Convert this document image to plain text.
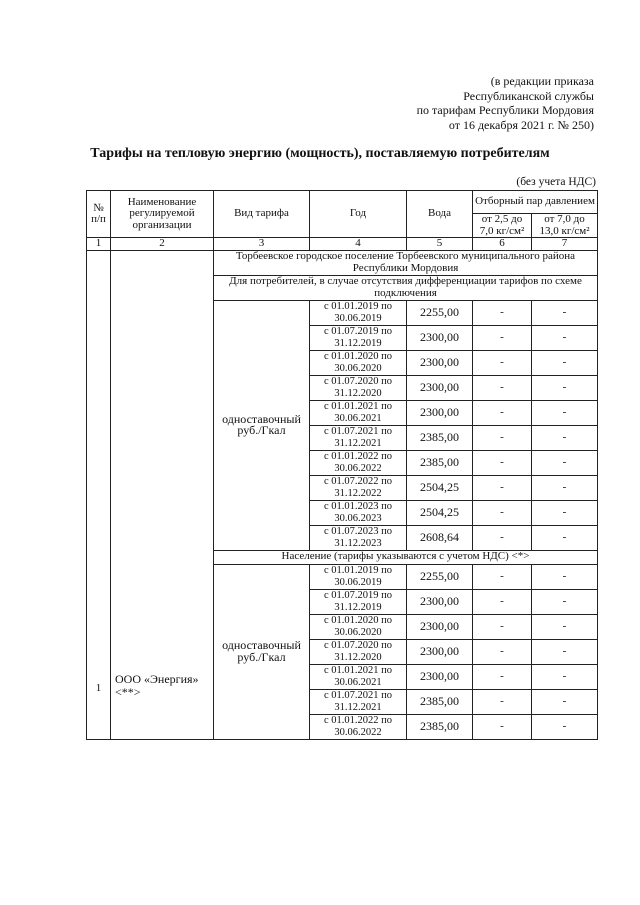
(в редакции приказа
Республиканской службы
по тарифам Республики Мордовия
от 16 декабря 2021 г. № 250)
Тарифы на тепловую энергию (мощность), поставляемую потребителям
(без учета НДС)
№ п/п	Наименование регулируемой организации	Вид тарифа	Год	Вода	Отборный пар давлением	
					от 2,5 до 7,0 кг/см²	от 7,0 до 13,0 кг/см²
1	2	3	4	5	6	7
1	ООО «Энергия» <**>	Торбеевское городское поселение Торбеевского муниципального района Республики Мордовия				
		Для потребителей, в случае отсутствия дифференциации тарифов по схеме подключения				
		одноставочный руб./Гкал	с 01.01.2019 по 30.06.2019	2255,00	-	-
			с 01.07.2019 по 31.12.2019	2300,00	-	-
			с 01.01.2020 по 30.06.2020	2300,00	-	-
			с 01.07.2020 по 31.12.2020	2300,00	-	-
			с 01.01.2021 по 30.06.2021	2300,00	-	-
			с 01.07.2021 по 31.12.2021	2385,00	-	-
			с 01.01.2022 по 30.06.2022	2385,00	-	-
			с 01.07.2022 по 31.12.2022	2504,25	-	-
			с 01.01.2023 по 30.06.2023	2504,25	-	-
			с 01.07.2023 по 31.12.2023	2608,64	-	-
		Население (тарифы указываются с учетом НДС) <*>				
		одноставочный руб./Гкал	с 01.01.2019 по 30.06.2019	2255,00	-	-
			с 01.07.2019 по 31.12.2019	2300,00	-	-
			с 01.01.2020 по 30.06.2020	2300,00	-	-
			с 01.07.2020 по 31.12.2020	2300,00	-	-
			с 01.01.2021 по 30.06.2021	2300,00	-	-
			с 01.07.2021 по 31.12.2021	2385,00	-	-
			с 01.01.2022 по 30.06.2022	2385,00	-	-
